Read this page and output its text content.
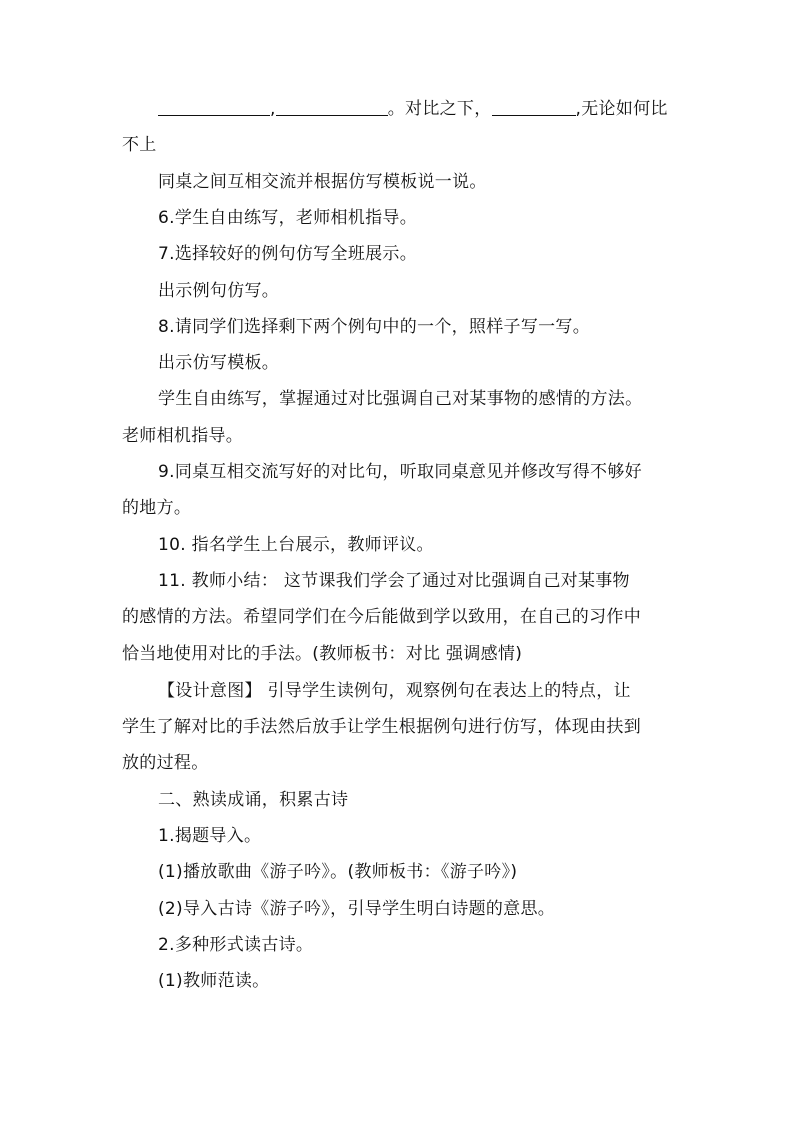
,	。对比之下，	,无论如何比
不上
同桌之间互相交流并根据仿写模板说一说。
6.学生自由练写，老师相机指导。
7.选择较好的例句仿写全班展示。
出示例句仿写。
8.请同学们选择剩下两个例句中的一个，照样子写一写。
出示仿写模板。
学生自由练写，掌握通过对比强调自己对某事物的感情的方法。
老师相机指导。
9.同桌互相交流写好的对比句，听取同桌意见并修改写得不够好
的地方。
10. 指名学生上台展示，教师评议。
11. 教师小结： 这节课我们学会了通过对比强调自己对某事物
的感情的方法。希望同学们在今后能做到学以致用，在自己的习作中
恰当地使用对比的手法。(教师板书：对比 强调感情)
【设计意图】 引导学生读例句，观察例句在表达上的特点，让
学生了解对比的手法然后放手让学生根据例句进行仿写，体现由扶到
放的过程。
二、熟读成诵，积累古诗
1.揭题导入。
(1)播放歌曲《游子吟》。(教师板书：《游子吟》)
(2)导入古诗《游子吟》，引导学生明白诗题的意思。
2.多种形式读古诗。
(1)教师范读。
